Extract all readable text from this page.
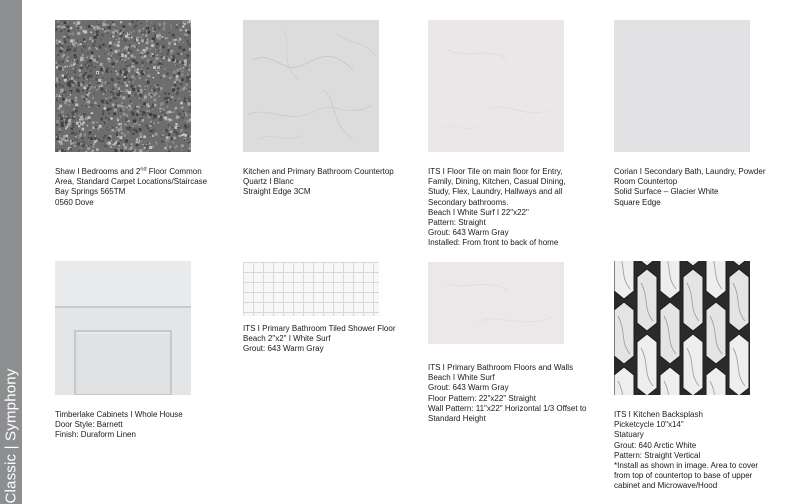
Classic | Symphony
Shaw I Bedrooms and 2nd Floor Common
Area, Standard Carpet Locations/Staircase
Bay Springs 565TM
0560 Dove
Kitchen and Primary Bathroom Countertop
Quartz I Blanc
Straight Edge 3CM
ITS I Floor Tile on main floor for Entry,
Family, Dining, Kitchen, Casual Dining,
Study, Flex, Laundry, Hallways and all
Secondary bathrooms.
Beach I White Surf I 22"x22"
Pattern: Straight
Grout: 643 Warm Gray
Installed: From front to back of home
Corian I Secondary Bath, Laundry, Powder
Room Countertop
Solid Surface – Glacier White
Square Edge
Timberlake Cabinets I Whole House
Door Style: Barnett
Finish: Duraform Linen
ITS I Primary Bathroom Tiled Shower Floor
Beach 2"x2" I White Surf
Grout: 643 Warm Gray
ITS I Primary Bathroom Floors and Walls
Beach I White Surf
Grout: 643 Warm Gray
Floor Pattern: 22"x22" Straight
Wall Pattern: 11"x22" Horizontal 1/3 Offset to
Standard Height	ITS I Kitchen Backsplash
Picketcycle 10"x14"
Statuary
Grout: 640 Arctic White
Pattern: Straight Vertical
*Install as shown in image. Area to cover
from top of countertop to base of upper
cabinet and Microwave/Hood
